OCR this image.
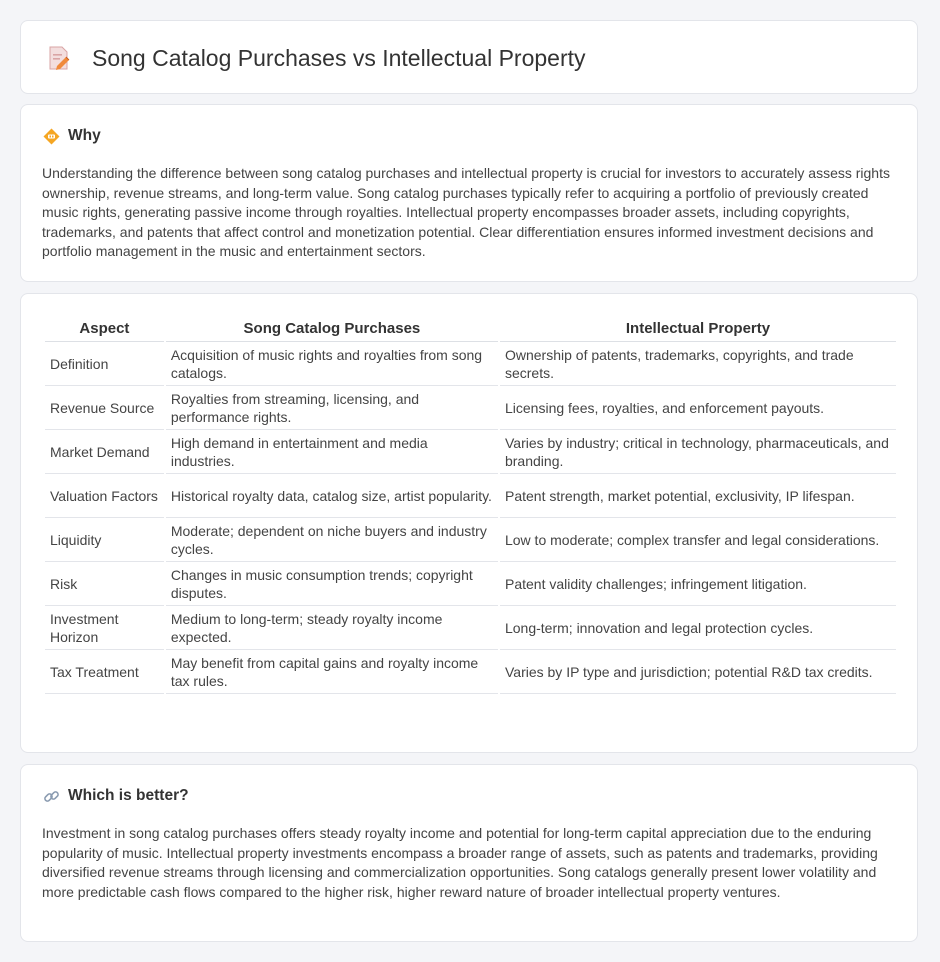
Song Catalog Purchases vs Intellectual Property
Why

Understanding the difference between song catalog purchases and intellectual property is crucial for investors to accurately assess rights ownership, revenue streams, and long-term value. Song catalog purchases typically refer to acquiring a portfolio of previously created music rights, generating passive income through royalties. Intellectual property encompasses broader assets, including copyrights, trademarks, and patents that affect control and monetization potential. Clear differentiation ensures informed investment decisions and portfolio management in the music and entertainment sectors.

Aspect	Song Catalog Purchases	Intellectual Property
Definition	Acquisition of music rights and royalties from song catalogs.	Ownership of patents, trademarks, copyrights, and trade secrets.
Revenue Source	Royalties from streaming, licensing, and performance rights.	Licensing fees, royalties, and enforcement payouts.
Market Demand	High demand in entertainment and media industries.	Varies by industry; critical in technology, pharmaceuticals, and branding.
Valuation Factors	Historical royalty data, catalog size, artist popularity.	Patent strength, market potential, exclusivity, IP lifespan.
Liquidity	Moderate; dependent on niche buyers and industry cycles.	Low to moderate; complex transfer and legal considerations.
Risk	Changes in music consumption trends; copyright disputes.	Patent validity challenges; infringement litigation.
Investment Horizon	Medium to long-term; steady royalty income expected.	Long-term; innovation and legal protection cycles.
Tax Treatment	May benefit from capital gains and royalty income tax rules.	Varies by IP type and jurisdiction; potential R&D tax credits.
Which is better?

Investment in song catalog purchases offers steady royalty income and potential for long-term capital appreciation due to the enduring popularity of music. Intellectual property investments encompass a broader range of assets, such as patents and trademarks, providing diversified revenue streams through licensing and commercialization opportunities. Song catalogs generally present lower volatility and more predictable cash flows compared to the higher risk, higher reward nature of broader intellectual property ventures.
